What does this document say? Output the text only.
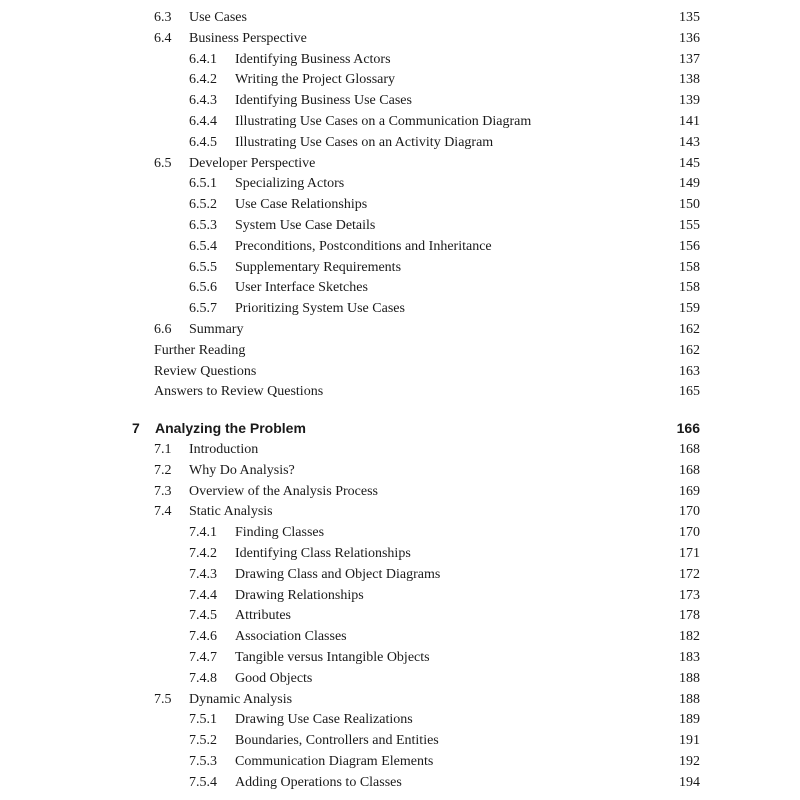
6.3 Use Cases	135
6.4 Business Perspective	136
6.4.1 Identifying Business Actors	137
6.4.2 Writing the Project Glossary	138
6.4.3 Identifying Business Use Cases	139
6.4.4 Illustrating Use Cases on a Communication Diagram	141
6.4.5 Illustrating Use Cases on an Activity Diagram	143
6.5 Developer Perspective	145
6.5.1 Specializing Actors	149
6.5.2 Use Case Relationships	150
6.5.3 System Use Case Details	155
6.5.4 Preconditions, Postconditions and Inheritance	156
6.5.5 Supplementary Requirements	158
6.5.6 User Interface Sketches	158
6.5.7 Prioritizing System Use Cases	159
6.6 Summary	162
Further Reading	162
Review Questions	163
Answers to Review Questions	165
7 Analyzing the Problem	166
7.1 Introduction	168
7.2 Why Do Analysis?	168
7.3 Overview of the Analysis Process	169
7.4 Static Analysis	170
7.4.1 Finding Classes	170
7.4.2 Identifying Class Relationships	171
7.4.3 Drawing Class and Object Diagrams	172
7.4.4 Drawing Relationships	173
7.4.5 Attributes	178
7.4.6 Association Classes	182
7.4.7 Tangible versus Intangible Objects	183
7.4.8 Good Objects	188
7.5 Dynamic Analysis	188
7.5.1 Drawing Use Case Realizations	189
7.5.2 Boundaries, Controllers and Entities	191
7.5.3 Communication Diagram Elements	192
7.5.4 Adding Operations to Classes	194
